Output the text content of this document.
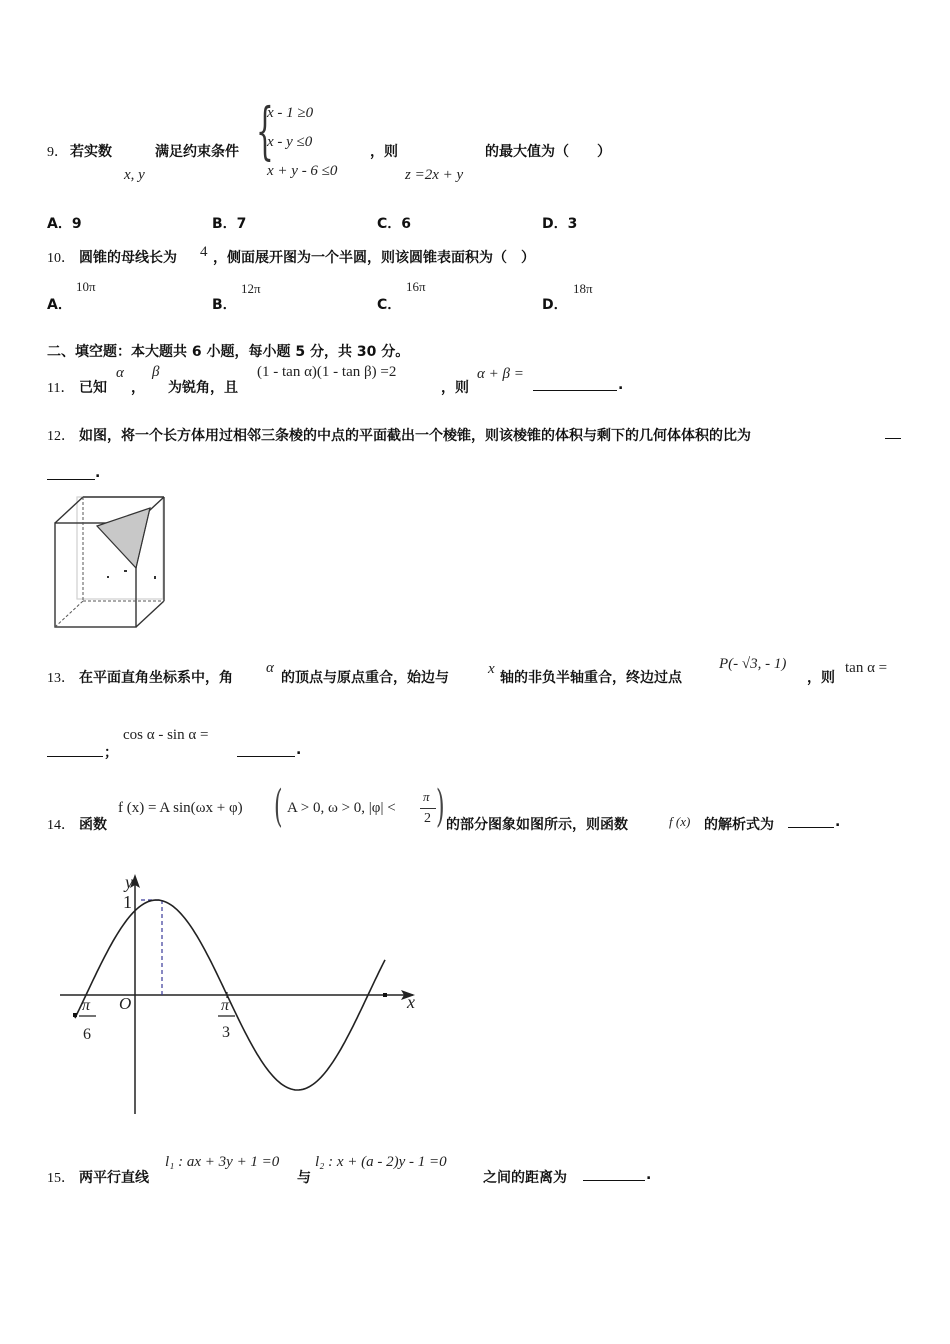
9． 若实数
x, y
满足约束条件 {
x - 1 ≥0
x - y ≤0
x + y - 6 ≤0
，则
z =2x + y
的最大值为（　　）
A．9	B．7	C．6	D．3
10． 圆锥的母线长为 4 ，侧面展开图为一个半圆，则该圆锥表面积为（　）
A．
10π
B．
12π
C．
16π
D．
18π
二、填空题：本大题共 6 小题，每小题 5 分，共 30 分。
11． 已知
α
，
β
为锐角，且
(1 - tan α)(1 - tan β) =2
，则
α + β =
.
12． 如图，将一个长方体用过相邻三条棱的中点的平面截出一个棱锥，则该棱锥的体积与剩下的几何体体积的比为
.
13． 在平面直角坐标系中，角
α
的顶点与原点重合，始边与
x
轴的非负半轴重合，终边过点
P(- √3, - 1)
，则
tan α =
；
cos α - sin α =
.
14． 函数
f (x) = A sin(ωx + φ) ( A > 0, ω > 0, |φ| <
π
2 ) 的部分图象如图所示，则函数	f (x) 的解析式为	.
y
x
1
O
π
6
π
3
15． 两平行直线
l₁ : ax + 3y + 1 =0
与
l₂ : x + (a - 2)y - 1 =0
之间的距离为	.
